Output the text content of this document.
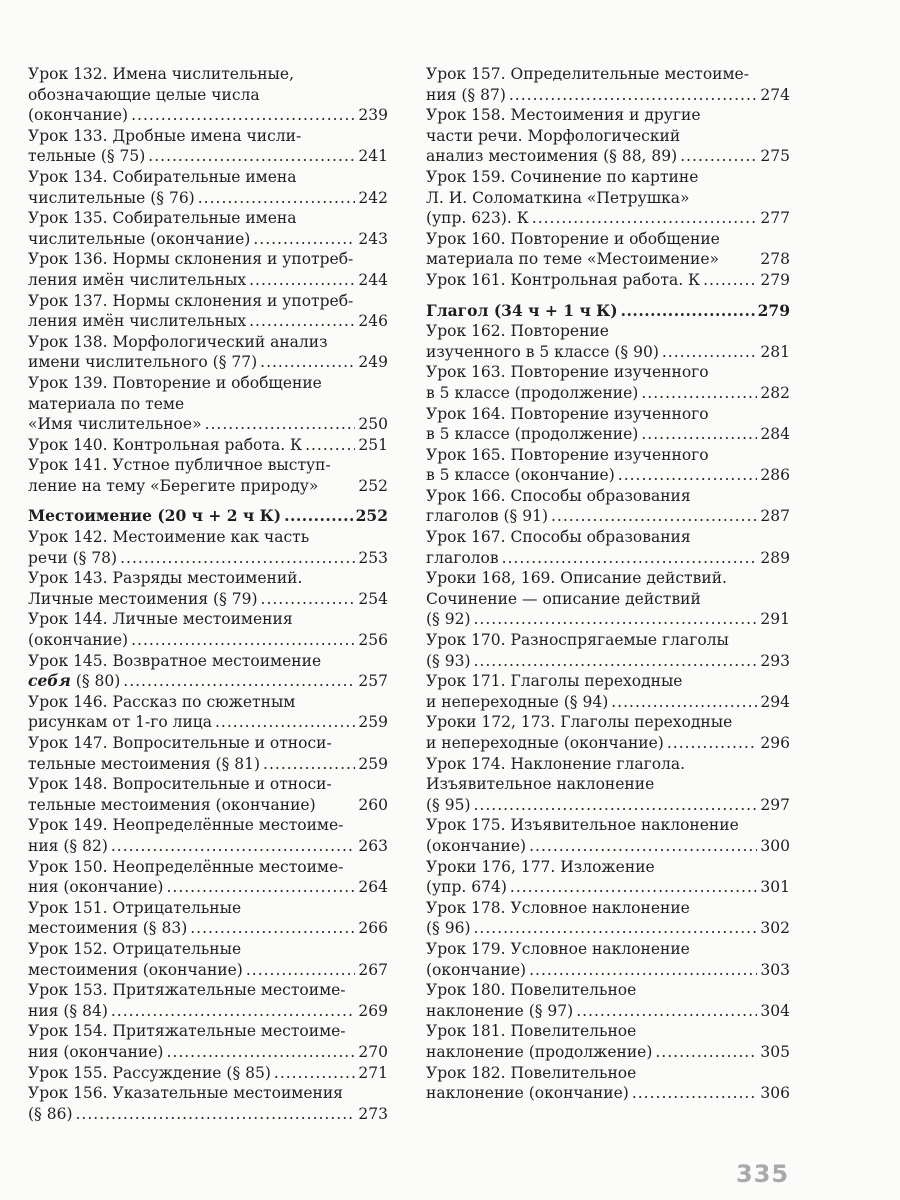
Урок 132. Имена числительные,
обозначающие целые числа
(окончание) .....	239
Урок 133. Дробные имена числи-
тельные (§ 75) .....	241
Урок 134. Собирательные имена
числительные (§ 76) .....	242
Урок 135. Собирательные имена
числительные (окончание) .....	243
Урок 136. Нормы склонения и употреб-
ления имён числительных .....	244
Урок 137. Нормы склонения и употреб-
ления имён числительных .....	246
Урок 138. Морфологический анализ
имени числительного (§ 77) .....	249
Урок 139. Повторение и обобщение
материала по теме
«Имя числительное» .....	250
Урок 140. Контрольная работа. К .....	251
Урок 141. Устное публичное выступ-
ление на тему «Берегите природу»	252
Местоимение (20 ч + 2 ч К) .....	252
Урок 142. Местоимение как часть
речи (§ 78) .....	253
Урок 143. Разряды местоимений.
Личные местоимения (§ 79) .....	254
Урок 144. Личные местоимения
(окончание) .....	256
Урок 145. Возвратное местоимение
себя (§ 80) .....	257
Урок 146. Рассказ по сюжетным
рисункам от 1-го лица .....	259
Урок 147. Вопросительные и относи-
тельные местоимения (§ 81) .....	259
Урок 148. Вопросительные и относи-
тельные местоимения (окончание)	260
Урок 149. Неопределённые местоиме-
ния (§ 82) .....	263
Урок 150. Неопределённые местоиме-
ния (окончание) .....	264
Урок 151. Отрицательные
местоимения (§ 83) .....	266
Урок 152. Отрицательные
местоимения (окончание) .....	267
Урок 153. Притяжательные местоиме-
ния (§ 84) .....	269
Урок 154. Притяжательные местоиме-
ния (окончание) .....	270
Урок 155. Рассуждение (§ 85) .....	271
Урок 156. Указательные местоимения
(§ 86) .....	273
Урок 157. Определительные местоиме-
ния (§ 87) .....	274
Урок 158. Местоимения и другие
части речи. Морфологический
анализ местоимения (§ 88, 89) .....	275
Урок 159. Сочинение по картине
Л. И. Соломаткина «Петрушка»
(упр. 623). К .....	277
Урок 160. Повторение и обобщение
материала по теме «Местоимение»	278
Урок 161. Контрольная работа. К .....	279
Глагол (34 ч + 1 ч К) .....	279
Урок 162. Повторение
изученного в 5 классе (§ 90) .....	281
Урок 163. Повторение изученного
в 5 классе (продолжение) .....	282
Урок 164. Повторение изученного
в 5 классе (продолжение) .....	284
Урок 165. Повторение изученного
в 5 классе (окончание) .....	286
Урок 166. Способы образования
глаголов (§ 91) .....	287
Урок 167. Способы образования
глаголов .....	289
Уроки 168, 169. Описание действий.
Сочинение — описание действий
(§ 92) .....	291
Урок 170. Разноспрягаемые глаголы
(§ 93) .....	293
Урок 171. Глаголы переходные
и непереходные (§ 94) .....	294
Уроки 172, 173. Глаголы переходные
и непереходные (окончание) .....	296
Урок 174. Наклонение глагола.
Изъявительное наклонение
(§ 95) .....	297
Урок 175. Изъявительное наклонение
(окончание) .....	300
Уроки 176, 177. Изложение
(упр. 674) .....	301
Урок 178. Условное наклонение
(§ 96) .....	302
Урок 179. Условное наклонение
(окончание) .....	303
Урок 180. Повелительное
наклонение (§ 97) .....	304
Урок 181. Повелительное
наклонение (продолжение) .....	305
Урок 182. Повелительное
наклонение (окончание) .....	306
335
